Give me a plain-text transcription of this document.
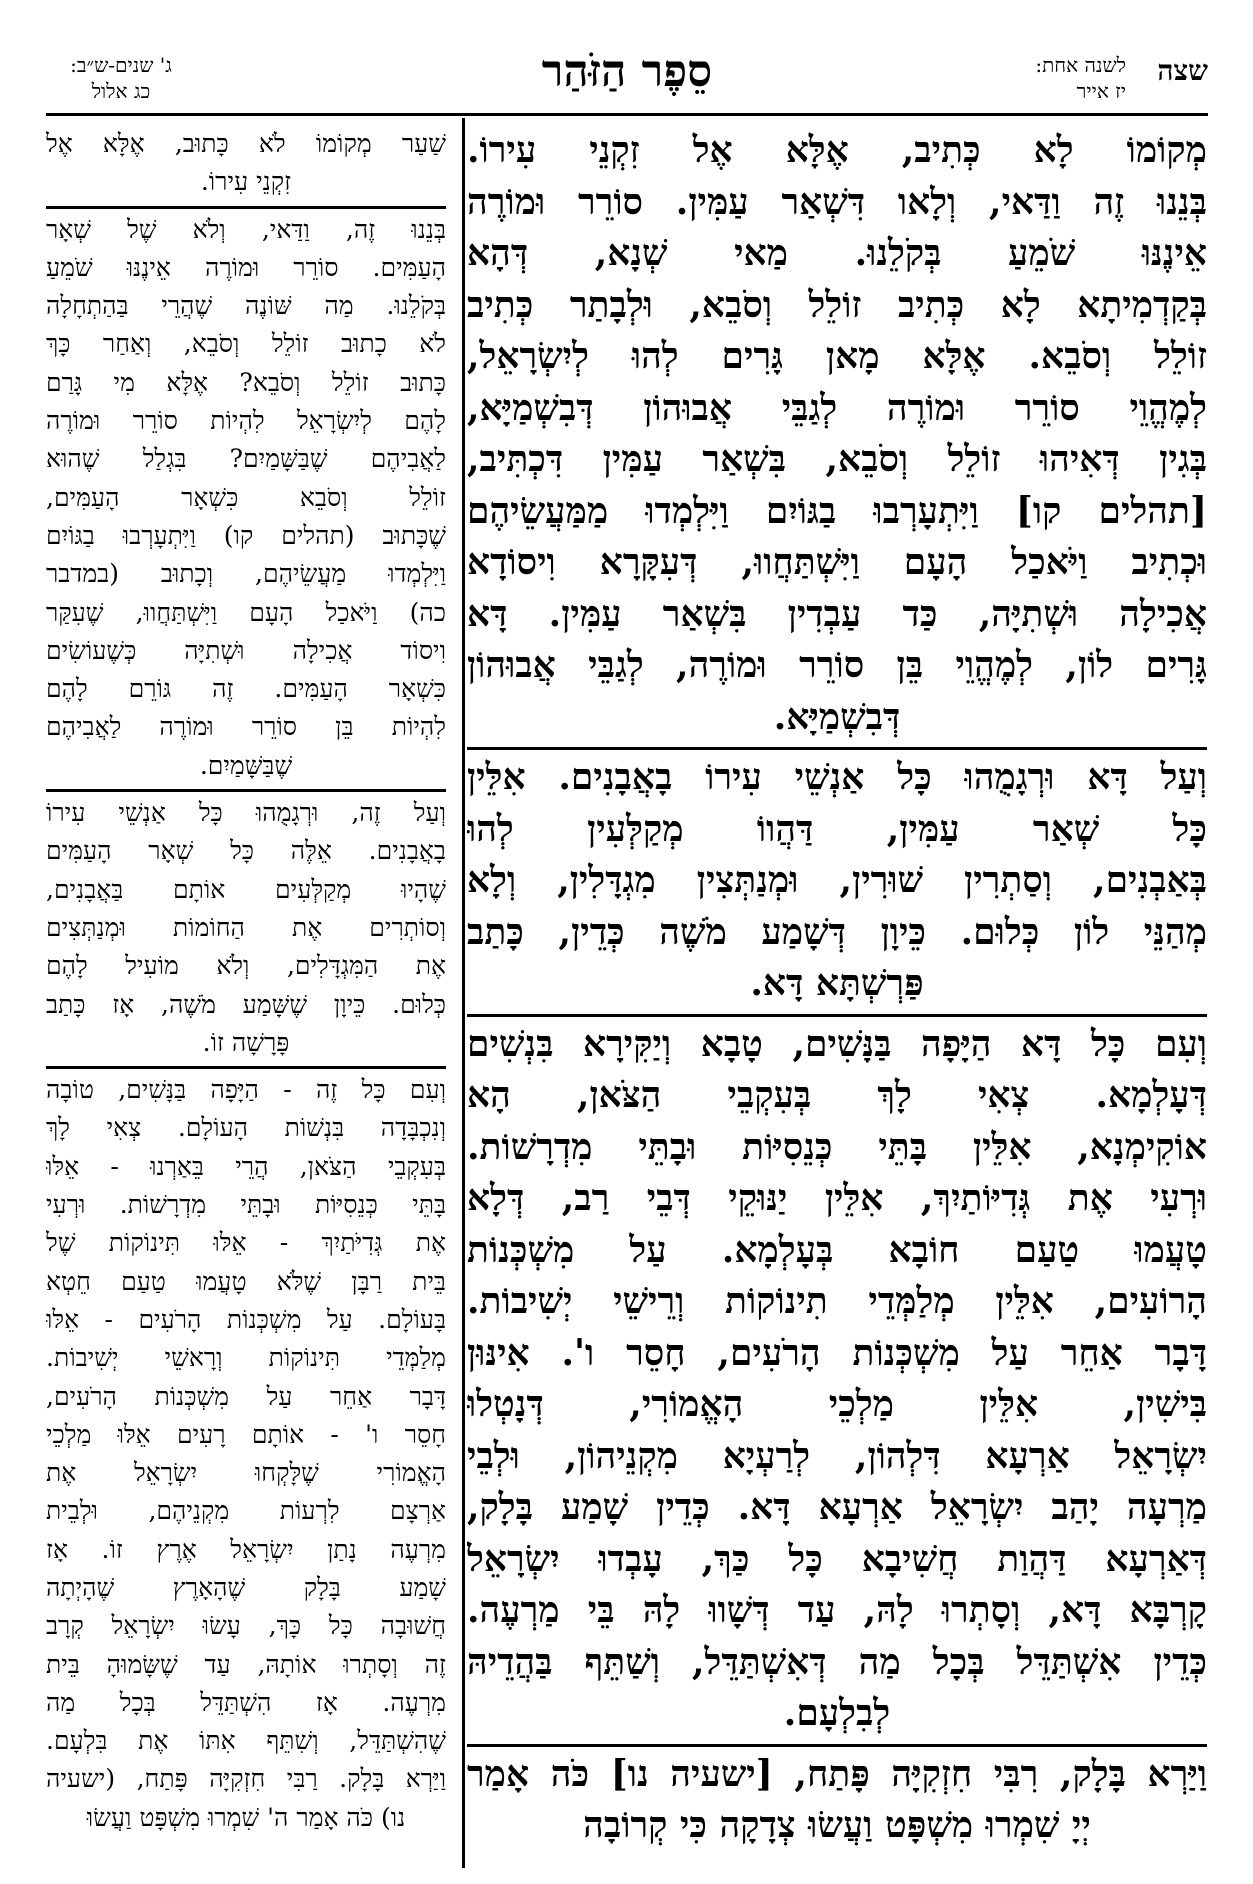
שצה
לשנה אחת:
יז אייר
סֵפֶר הַזֹּהַר
ג' שנים-ש״ב:
כג אלול
מְקוֹמוֹ לָא כְּתִיב, אֶלָּא אֶל זִקְנֵי עִירוֹ.
בְּנֵנוּ זֶה וַדַּאי, וְלָאו דִּשְׁאַר עַמִּין. סוֹרֵר וּמוֹרֶה
אֵינֶנּוּ שֹׁמֵעַ בְּקֹלֵנוּ. מַאי שְׁנָא, דְּהָא
בְּקַדְמִיתָא לָא כְּתִיב זוֹלֵל וְסֹבֵא, וּלְבָתַר כְּתִיב
זוֹלֵל וְסֹבֵא. אֶלָּא מָאן גָּרִים לְהוּ לְיִשְׂרָאֵל,
לְמֶהֱוֵי סוֹרֵר וּמוֹרֶה לְגַבֵּי אֲבוּהוֹן דְּבִשְׁמַיָּא,
בְּגִין דְּאִיהוּ זוֹלֵל וְסֹבֵא, בִּשְׁאַר עַמִּין דִּכְתִּיב,
[תהלים קו] וַיִּתְעָרְבוּ בַגּוֹיִם וַיִּלְמְדוּ מַמַּעֲשֵׂיהֶם
וּכְתִיב וַיֹּאכַל הָעָם וַיִּשְׁתַּחֲווּ, דְּעִקָּרָא וִיסוֹדָא
אֲכִילָה וּשְׁתִיָּה, כַּד עַבְדִין בִּשְׁאַר עַמִּין. דָּא
גָּרִים לוֹן, לְמֶהֱוֵי בֵּן סוֹרֵר וּמוֹרֶה, לְגַבֵּי אֲבוּהוֹן
דְּבִשְׁמַיָּא.
וְעַל דָּא וּרְגָמֻהוּ כָּל אַנְשֵׁי עִירוֹ בָאֲבָנִים. אִלֵּין
כָּל שְׁאַר עַמִּין, דַּהֲווֹ מְקַלְּעִין לְהוּ
בְּאַבְנִים, וְסַתְרִין שׁוּרִין, וּמְנַתְּצִין מִגְדָּלִין, וְלָא
מְהַנֵּי לוֹן כְּלוּם. כֵּיוָן דְּשָׁמַע מֹשֶׁה כְּדֵין, כָּתַב
פַּרְשְׁתָּא דָּא.
וְעִם כָּל דָּא הַיָּפָה בַּנָּשִׁים, טָבָא וְיַקִּירָא בִּנְשִׁים
דְּעָלְמָא. צְאִי לָךְ בְּעִקְבֵי הַצֹּאן, הָא
אוֹקִימְנָא, אִלֵּין בָּתֵּי כְּנֵסִיּוֹת וּבָתֵּי מִדְרָשׁוֹת.
וּרְעִי אֶת גְּדִיּוֹתַיִךְ, אִלֵּין יַנּוּקֵי דְּבֵי רַב, דְּלָא
טָעֲמוּ טַעַם חוֹבָא בְּעָלְמָא. עַל מִשְׁכְּנוֹת
הָרוֹעִים, אִלֵּין מְלַמְּדֵי תִינוֹקוֹת וְרֵישֵׁי יְשִׁיבוֹת.
דָּבָר אַחֵר עַל מִשְׁכְּנוֹת הָרֹעִים, חָסֵר ו'. אִינּוּן
בִּישִׁין, אִלֵּין מַלְכֵי הָאֱמוֹרִי, דְּנָטְלוּ
יִשְׂרָאֵל אַרְעָא דִּלְהוֹן, לְרַעְיָא מִקְנֵיהוֹן, וּלְבֵי
מַרְעָה יָהַב יִשְׂרָאֵל אַרְעָא דָּא. כְּדֵין שָׁמַע בָּלָק,
דְּאַרְעָא דַּהֲוַת חֲשִׁיבָא כָּל כַּךְ, עָבְדוּ יִשְׂרָאֵל
קָרְבָּא דָּא, וְסָתְרוּ לָהּ, עַד דְּשָׁווּ לָהּ בֵּי מַרְעֶה.
כְּדֵין אִשְׁתַּדֵּל בְּכָל מַה דְּאִשְׁתַּדֵּל, וְשַׁתֵּף בַּהֲדֵיהּ
לְבִלְעָם.
וַיַּרְא בָּלָק, רִבִּי חִזְקִיָּה פָּתַח, [ישעיה נו] כֹּה אָמַר
יְיָ שִׁמְרוּ מִשְׁפָּט וַעֲשׂוּ צְדָקָה כִּי קְרוֹבָה
שַׁעַר מְקוֹמוֹ לֹא כָּתוּב, אֶלָּא אֶל
זִקְנֵי עִירוֹ.
בְּנֵנוּ זֶה, וַדַּאי, וְלֹא שֶׁל שְׁאָר
הָעַמִּים. סוֹרֵר וּמוֹרֶה אֵינֶנּוּ שֹׁמֵעַ
בְּקֹלֵנוּ. מַה שּׁוֹנֶה שֶׁהֲרֵי בַּהַתְחָלָה
לֹא כָתוּב זוֹלֵל וְסֹבֵא, וְאַחַר כָּךְ
כָּתוּב זוֹלֵל וְסֹבֵא? אֶלָּא מִי גָּרַם
לָהֶם לְיִשְׂרָאֵל לִהְיוֹת סוֹרֵר וּמוֹרֶה
לַאֲבִיהֶם שֶׁבַּשָּׁמַיִם? בִּגְלַל שֶׁהוּא
זוֹלֵל וְסֹבֵא כִּשְׁאָר הָעַמִּים,
שֶׁכָּתוּב (תהלים קו) וַיִּתְעָרְבוּ בַגּוֹיִם
וַיִּלְמְדוּ מַעֲשֵׂיהֶם, וְכָתוּב (במדבר
כה) וַיֹּאכַל הָעָם וַיִּשְׁתַּחֲווּ, שֶׁעִקַּר
וִיסוֹד אֲכִילָה וּשְׁתִיָּה כְּשֶׁעוֹשִׂים
כִּשְׁאָר הָעַמִּים. זֶה גּוֹרֵם לָהֶם
לִהְיוֹת בֵּן סוֹרֵר וּמוֹרֶה לַאֲבִיהֶם
שֶׁבַּשָּׁמַיִם.
וְעַל זֶה, וּרְגָמֻהוּ כָּל אַנְשֵׁי עִירוֹ
בָאֲבָנִים. אֵלֶּה כָּל שְׁאָר הָעַמִּים
שֶׁהָיוּ מְקַלְּעִים אוֹתָם בַּאֲבָנִים,
וְסוֹתְרִים אֶת הַחוֹמוֹת וּמְנַתְּצִים
אֶת הַמִּגְדָּלִים, וְלֹא מוֹעִיל לָהֶם
כְּלוּם. כֵּיוָן שֶׁשָּׁמַע מֹשֶׁה, אָז כָּתַב
פָּרָשָׁה זוֹ.
וְעִם כָּל זֶה - הַיָּפָה בַּנָּשִׁים, טוֹבָה
וְנִכְבָּדָה בִּנְשׁוֹת הָעוֹלָם. צְאִי לָךְ
בְּעִקְבֵי הַצֹּאן, הֲרֵי בֵּאַרְנוּ - אֵלּוּ
בָּתֵּי כְּנֵסִיּוֹת וּבָתֵּי מִדְרָשׁוֹת. וּרְעִי
אֶת גְּדִיֹּתַיִךְ - אֵלּוּ תִּינוֹקוֹת שֶׁל
בֵּית רַבָּן שֶׁלֹּא טָעֲמוּ טַעַם חֵטְא
בָּעוֹלָם. עַל מִשְׁכְּנוֹת הָרֹעִים - אֵלּוּ
מְלַמְּדֵי תִּינוֹקוֹת וְרָאשֵׁי יְשִׁיבוֹת.
דָּבָר אַחֵר עַל מִשְׁכְּנוֹת הָרֹעִים,
חָסֵר ו' - אוֹתָם רָעִים אֵלּוּ מַלְכֵי
הָאֱמוֹרִי שֶׁלָּקְחוּ יִשְׂרָאֵל אֶת
אַרְצָם לִרְעוֹת מִקְנֵיהֶם, וּלְבֵית
מִרְעֶה נָתַן יִשְׂרָאֵל אֶרֶץ זוֹ. אָז
שָׁמַע בָּלָק שֶׁהָאָרֶץ שֶׁהָיְתָה
חֲשׁוּבָה כָּל כָּךְ, עָשׂוּ יִשְׂרָאֵל קְרָב
זֶה וְסָתְרוּ אוֹתָהּ, עַד שֶׁשָּׂמוּהָ בֵּית
מִרְעֶה. אָז הִשְׁתַּדֵּל בְּכָל מַה
שֶׁהִשְׁתַּדֵּל, וְשִׁתֵּף אִתּוֹ אֶת בִּלְעָם.
וַיַּרְא בָּלָק. רַבִּי חִזְקִיָּה פָּתַח, (ישעיה
נו) כֹּה אָמַר ה' שִׁמְרוּ מִשְׁפָּט וַעֲשׂוּ
